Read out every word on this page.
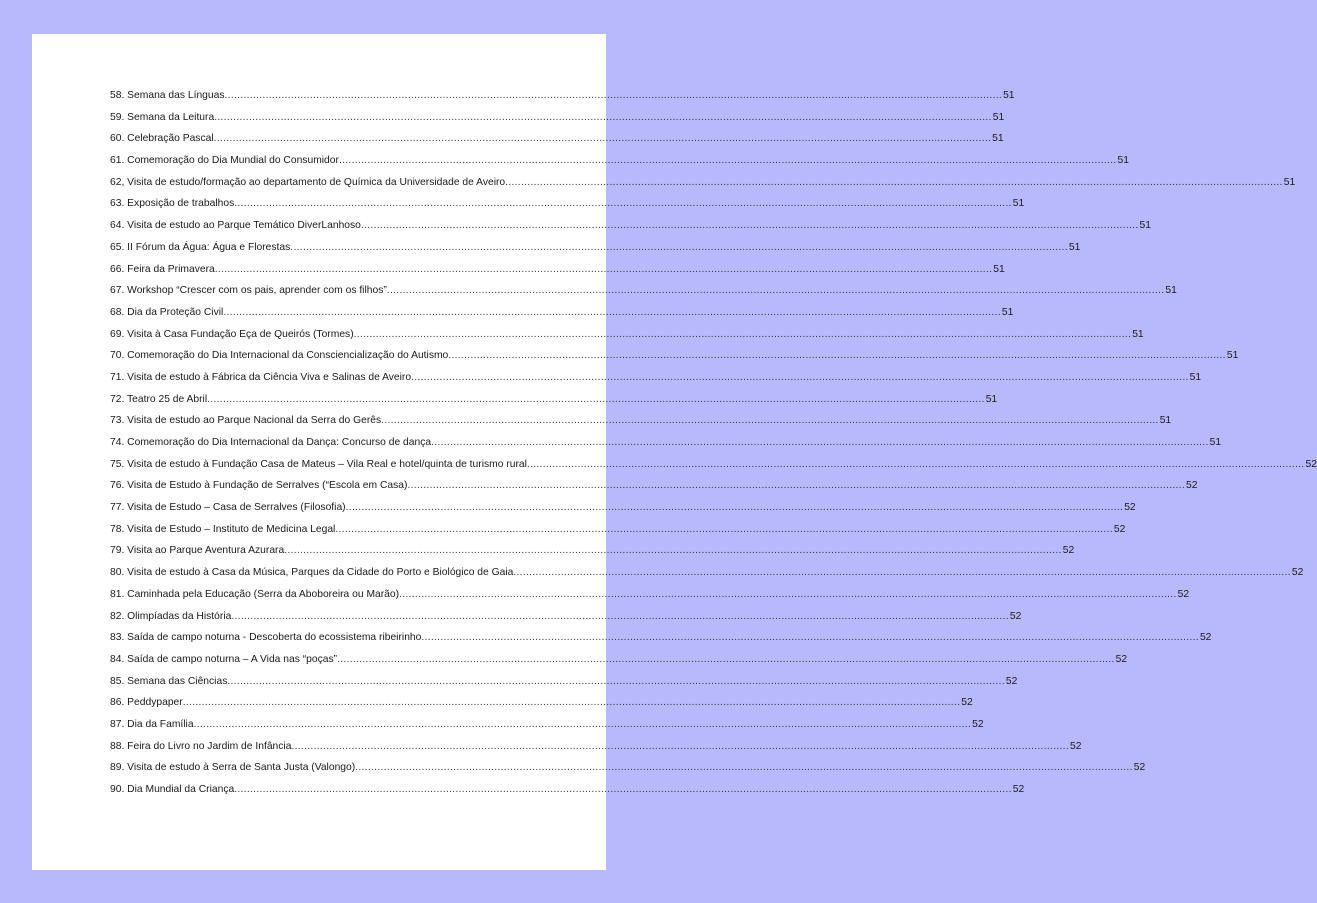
58. Semana das Línguas .....	51
59. Semana da Leitura .....	51
60. Celebração Pascal .....	51
61. Comemoração do Dia Mundial do Consumidor .....	51
62, Visita de estudo/formação ao departamento de Química da Universidade de Aveiro .....	51
63. Exposição de trabalhos .....	51
64. Visita de estudo ao Parque Temático DiverLanhoso .....	51
65. II Fórum da Água: Água e Florestas .....	51
66. Feira da Primavera .....	51
67. Workshop “Crescer com os pais, aprender com os filhos” .....	51
68. Dia da Proteção Civil .....	51
69. Visita à Casa Fundação Eça de Queirós (Tormes) .....	51
70. Comemoração do Dia Internacional da Consciencialização do Autismo .....	51
71. Visita de estudo à Fábrica da Ciência Viva e Salinas de Aveiro .....	51
72. Teatro 25 de Abril .....	51
73. Visita de estudo ao Parque Nacional da Serra do Gerês .....	51
74. Comemoração do Dia Internacional da Dança: Concurso de dança .....	51
75. Visita de estudo à Fundação Casa de Mateus – Vila Real e hotel/quinta de turismo rural .....	52
76. Visita de Estudo à Fundação de Serralves (“Escola em Casa) .....	52
77. Visita de Estudo – Casa de Serralves (Filosofia) .....	52
78. Visita de Estudo – Instituto de Medicina Legal .....	52
79. Visita ao Parque Aventura Azurara .....	52
80. Visita de estudo à Casa da Música, Parques da Cidade do Porto e Biológico de Gaia .....	52
81. Caminhada pela Educação (Serra da Aboboreira ou Marão) .....	52
82. Olimpíadas da História .....	52
83. Saída de campo noturna - Descoberta do ecossistema ribeirinho .....	52
84. Saída de campo noturna – A Vida nas “poças” .....	52
85. Semana das Ciências .....	52
86. Peddypaper .....	52
87. Dia da Família .....	52
88. Feira do Livro no Jardim de Infância .....	52
89. Visita de estudo à Serra de Santa Justa (Valongo) .....	52
90. Dia Mundial da Criança .....	52
